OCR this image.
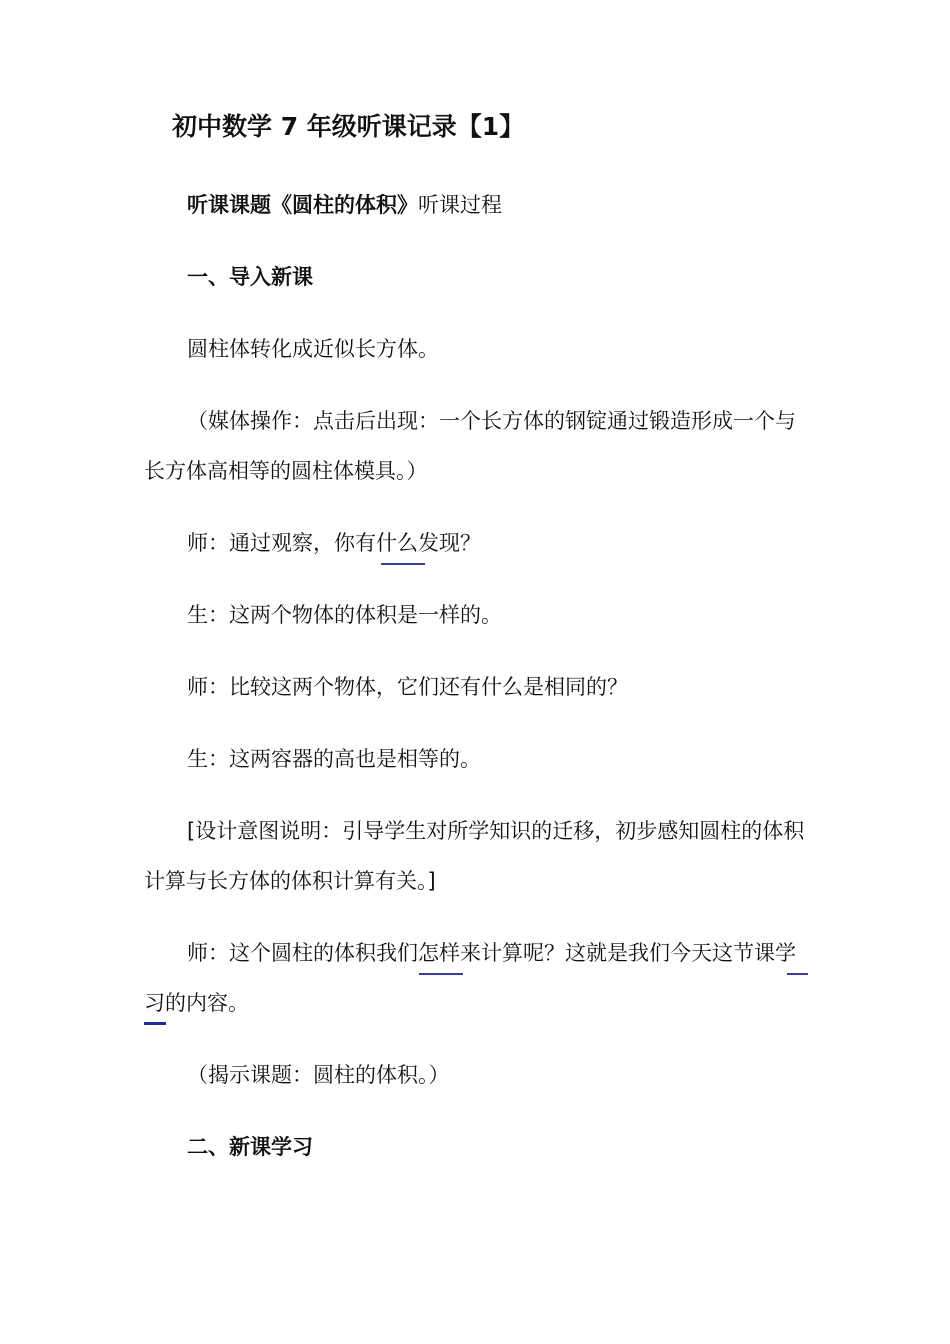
初中数学 7 年级听课记录【1】
听课课题《圆柱的体积》听课过程
一、导入新课
圆柱体转化成近似长方体。
（媒体操作：点击后出现：一个长方体的钢锭通过锻造形成一个与长方体高相等的圆柱体模具。）
师：通过观察，你有什么发现？
生：这两个物体的体积是一样的。
师：比较这两个物体，它们还有什么是相同的？
生：这两容器的高也是相等的。
[设计意图说明：引导学生对所学知识的迁移，初步感知圆柱的体积计算与长方体的体积计算有关。]
师：这个圆柱的体积我们怎样来计算呢？这就是我们今天这节课学习的内容。
（揭示课题：圆柱的体积。）
二、新课学习
